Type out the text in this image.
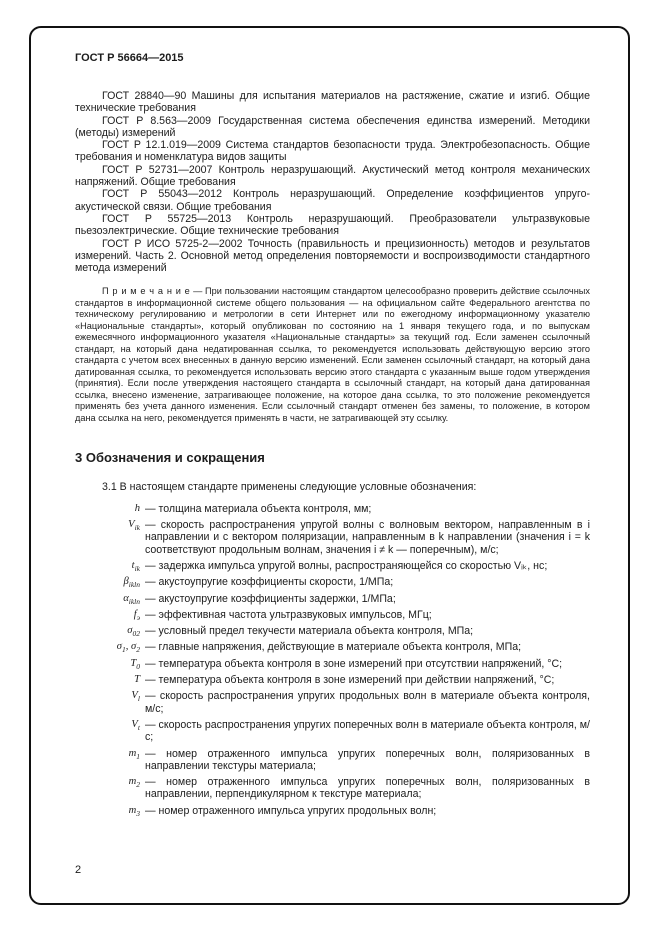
ГОСТ Р 56664—2015

ГОСТ 28840—90 Машины для испытания материалов на растяжение, сжатие и изгиб. Общие технические требования

ГОСТ Р 8.563—2009 Государственная система обеспечения единства измерений. Методики (методы) измерений

ГОСТ Р 12.1.019—2009 Система стандартов безопасности труда. Электробезопасность. Общие требования и номенклатура видов защиты

ГОСТ Р 52731—2007 Контроль неразрушающий. Акустический метод контроля механических напряжений. Общие требования

ГОСТ Р 55043—2012 Контроль неразрушающий. Определение коэффициентов упруго-акустической связи. Общие требования

ГОСТ Р 55725—2013 Контроль неразрушающий. Преобразователи ультразвуковые пьезоэлектрические. Общие технические требования

ГОСТ Р ИСО 5725-2—2002 Точность (правильность и прецизионность) методов и результатов измерений. Часть 2. Основной метод определения повторяемости и воспроизводимости стандартного метода измерений

П р и м е ч а н и е — При пользовании настоящим стандартом целесообразно проверить действие ссылочных стандартов в информационной системе общего пользования — на официальном сайте Федерального агентства по техническому регулированию и метрологии в сети Интернет или по ежегодному информационному указателю «Национальные стандарты», который опубликован по состоянию на 1 января текущего года, и по выпускам ежемесячного информационного указателя «Национальные стандарты» за текущий год. Если заменен ссылочный стандарт, на который дана недатированная ссылка, то рекомендуется использовать действующую версию этого стандарта с учетом всех внесенных в данную версию изменений. Если заменен ссылочный стандарт, на который дана датированная ссылка, то рекомендуется использовать версию этого стандарта с указанным выше годом утверждения (принятия). Если после утверждения настоящего стандарта в ссылочный стандарт, на который дана датированная ссылка, внесено изменение, затрагивающее положение, на которое дана ссылка, то это положение рекомендуется применять без учета данного изменения. Если ссылочный стандарт отменен без замены, то положение, в котором дана ссылка на него, рекомендуется применять в части, не затрагивающей эту ссылку.
3 Обозначения и сокращения

3.1 В настоящем стандарте применены следующие условные обозначения:

h — толщина материала объекта контроля, мм;
$V_{ik}$ — скорость распространения упругой волны с волновым вектором, направленным в i направлении и с вектором поляризации, направленным в k направлении (значения i = k соответствуют продольным волнам, значения i ≠ k — поперечным), м/с;
$t_{ik}$ — задержка импульса упругой волны, распространяющейся со скоростью Vᵢₖ, нс;
$\beta_{ikln}$ — акустоупругие коэффициенты скорости, 1/МПа;
$\alpha_{ikln}$ — акустоупругие коэффициенты задержки, 1/МПа;
$f_э$ — эффективная частота ультразвуковых импульсов, МГц;
$\sigma_{02}$ — условный предел текучести материала объекта контроля, МПа;
$\sigma_1$, $\sigma_2$ — главные напряжения, действующие в материале объекта контроля, МПа;
$T_0$ — температура объекта контроля в зоне измерений при отсутствии напряжений, °С;
T — температура объекта контроля в зоне измерений при действии напряжений, °С;
$V_l$ — скорость распространения упругих продольных волн в материале объекта контроля, м/с;
$V_t$ — скорость распространения упругих поперечных волн в материале объекта контроля, м/с;
$m_1$ — номер отраженного импульса упругих поперечных волн, поляризованных в направлении текстуры материала;
$m_2$ — номер отраженного импульса упругих поперечных волн, поляризованных в направлении, перпендикулярном к текстуре материала;
$m_3$ — номер отраженного импульса упругих продольных волн;
2
